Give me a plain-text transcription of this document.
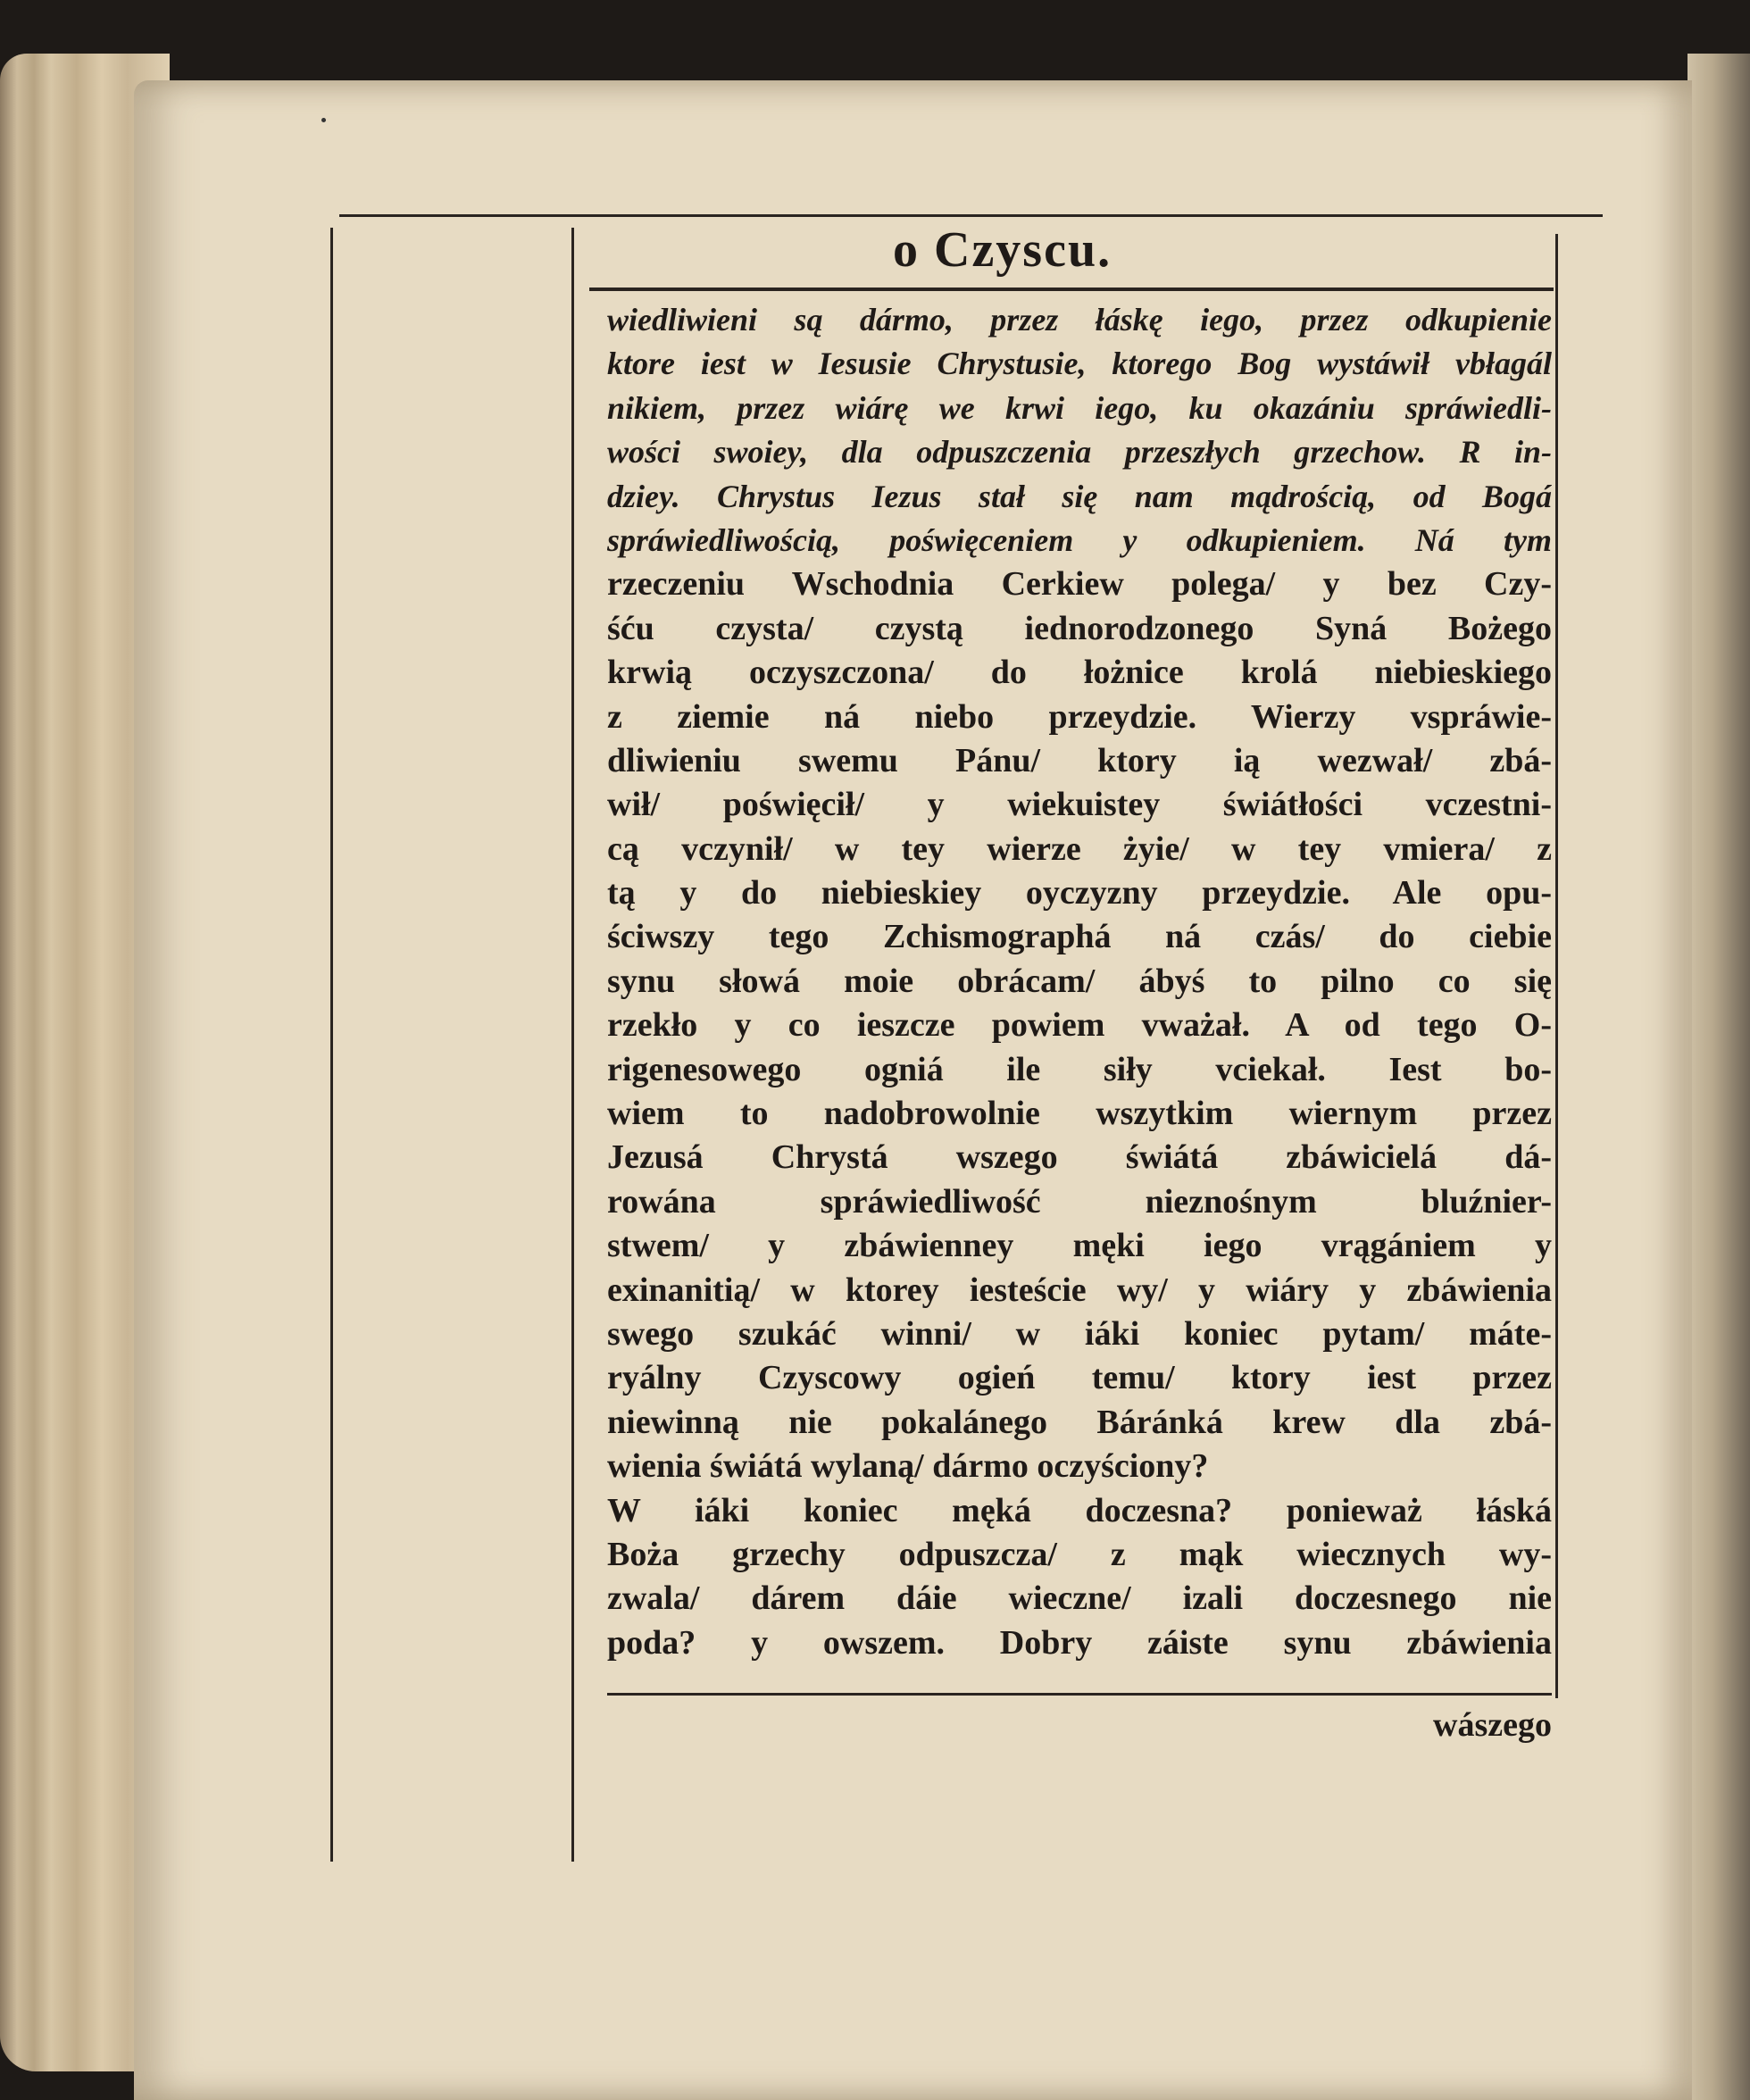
o Czyscu.
wiedliwieni są dármo, przez łáskę iego, przez odkupienie
ktore iest w Iesusie Chrystusie, ktorego Bog wystáwił vbłagál
nikiem, przez wiárę we krwi iego, ku okazániu spráwiedli-
wości swoiey, dla odpuszczenia przeszłych grzechow. R in-
dziey. Chrystus Iezus stał się nam mądrością, od Bogá
spráwiedliwością, poświęceniem y odkupieniem. Ná tym
rzeczeniu Wschodnia Cerkiew polega/ y bez Czy-
śću czysta/ czystą iednorodzonego Syná Bożego
krwią oczyszczona/ do łożnice krolá niebieskiego
z ziemie ná niebo przeydzie. Wierzy vspráwie-
dliwieniu swemu Pánu/ ktory ią wezwał/ zbá-
wił/ poświęcił/ y wiekuistey świátłości vczestni-
cą vczynił/ w tey wierze żyie/ w tey vmiera/ z
tą y do niebieskiey oyczyzny przeydzie. Ale opu-
ściwszy tego Zchismographá ná czás/ do ciebie
synu słowá moie obrácam/ ábyś to pilno co się
rzekło y co ieszcze powiem vważał. A od tego O-
rigenesowego ogniá ile siły vciekał. Iest bo-
wiem to nadobrowolnie wszytkim wiernym przez
Jezusá Chrystá wszego świátá zbáwicielá dá-
rowána spráwiedliwość nieznośnym bluźnier-
stwem/ y zbáwienney męki iego vrągániem y
exinanitią/ w ktorey iesteście wy/ y wiáry y zbáwienia
swego szukáć winni/ w iáki koniec pytam/ máte-
ryálny Czyscowy ogień temu/ ktory iest przez
niewinną nie pokalánego Báránká krew dla zbá-
wienia świátá wylaną/ dármo oczyściony?
W iáki koniec męká doczesna? ponieważ łáská
Boża grzechy odpuszcza/ z mąk wiecznych wy-
zwala/ dárem dáie wieczne/ izali doczesnego nie
poda? y owszem. Dobry záiste synu zbáwienia
wászego
